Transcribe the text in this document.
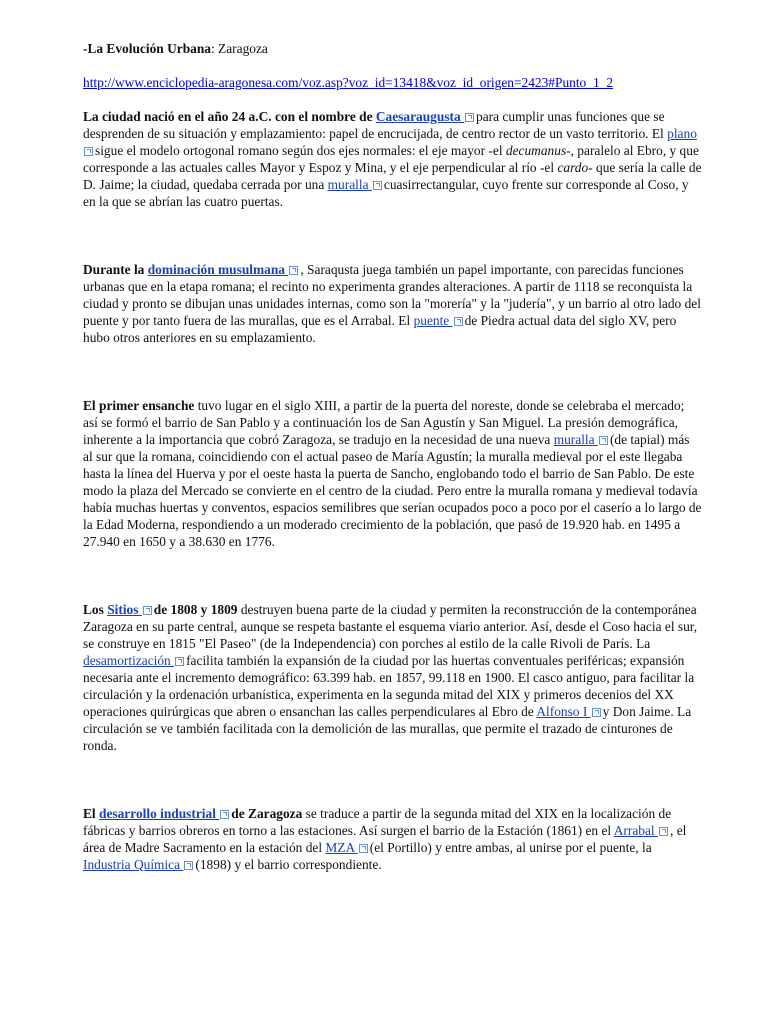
-La Evolución Urbana: Zaragoza

http://www.enciclopedia-aragonesa.com/voz.asp?voz_id=13418&voz_id_origen=2423#Punto_1_2

La ciudad nació en el año 24 a.C. con el nombre de Caesaraugusta para cumplir unas funciones que se desprenden de su situación y emplazamiento: papel de encrucijada, de centro rector de un vasto territorio. El plano sigue el modelo ortogonal romano según dos ejes normales: el eje mayor -el decumanus-, paralelo al Ebro, y que corresponde a las actuales calles Mayor y Espoz y Mina, y el eje perpendicular al río -el cardo- que sería la calle de D. Jaime; la ciudad, quedaba cerrada por una muralla cuasirrectangular, cuyo frente sur corresponde al Coso, y en la que se abrían las cuatro puertas.

Durante la dominación musulmana , Saraqusta juega también un papel importante, con parecidas funciones urbanas que en la etapa romana; el recinto no experimenta grandes alteraciones. A partir de 1118 se reconquista la ciudad y pronto se dibujan unas unidades internas, como son la "morería" y la "judería", y un barrio al otro lado del puente y por tanto fuera de las murallas, que es el Arrabal. El puente de Piedra actual data del siglo XV, pero hubo otros anteriores en su emplazamiento.

El primer ensanche tuvo lugar en el siglo XIII, a partir de la puerta del noreste, donde se celebraba el mercado; así se formó el barrio de San Pablo y a continuación los de San Agustín y San Miguel. La presión demográfica, inherente a la importancia que cobró Zaragoza, se tradujo en la necesidad de una nueva muralla (de tapial) más al sur que la romana, coincidiendo con el actual paseo de María Agustín; la muralla medieval por el este llegaba hasta la línea del Huerva y por el oeste hasta la puerta de Sancho, englobando todo el barrio de San Pablo. De este modo la plaza del Mercado se convierte en el centro de la ciudad. Pero entre la muralla romana y medieval todavía había muchas huertas y conventos, espacios semilibres que serían ocupados poco a poco por el caserío a lo largo de la Edad Moderna, respondiendo a un moderado crecimiento de la población, que pasó de 19.920 hab. en 1495 a 27.940 en 1650 y a 38.630 en 1776.

Los Sitios de 1808 y 1809 destruyen buena parte de la ciudad y permiten la reconstrucción de la contemporánea Zaragoza en su parte central, aunque se respeta bastante el esquema viario anterior. Así, desde el Coso hacia el sur, se construye en 1815 "El Paseo" (de la Independencia) con porches al estilo de la calle Rivoli de París. La desamortización facilita también la expansión de la ciudad por las huertas conventuales periféricas; expansión necesaria ante el incremento demográfico: 63.399 hab. en 1857, 99.118 en 1900. El casco antiguo, para facilitar la circulación y la ordenación urbanística, experimenta en la segunda mitad del XIX y primeros decenios del XX operaciones quirúrgicas que abren o ensanchan las calles perpendiculares al Ebro de Alfonso I y Don Jaime. La circulación se ve también facilitada con la demolición de las murallas, que permite el trazado de cinturones de ronda.

El desarrollo industrial de Zaragoza se traduce a partir de la segunda mitad del XIX en la localización de fábricas y barrios obreros en torno a las estaciones. Así surgen el barrio de la Estación (1861) en el Arrabal , el área de Madre Sacramento en la estación del MZA (el Portillo) y entre ambas, al unirse por el puente, la Industria Química (1898) y el barrio correspondiente.
